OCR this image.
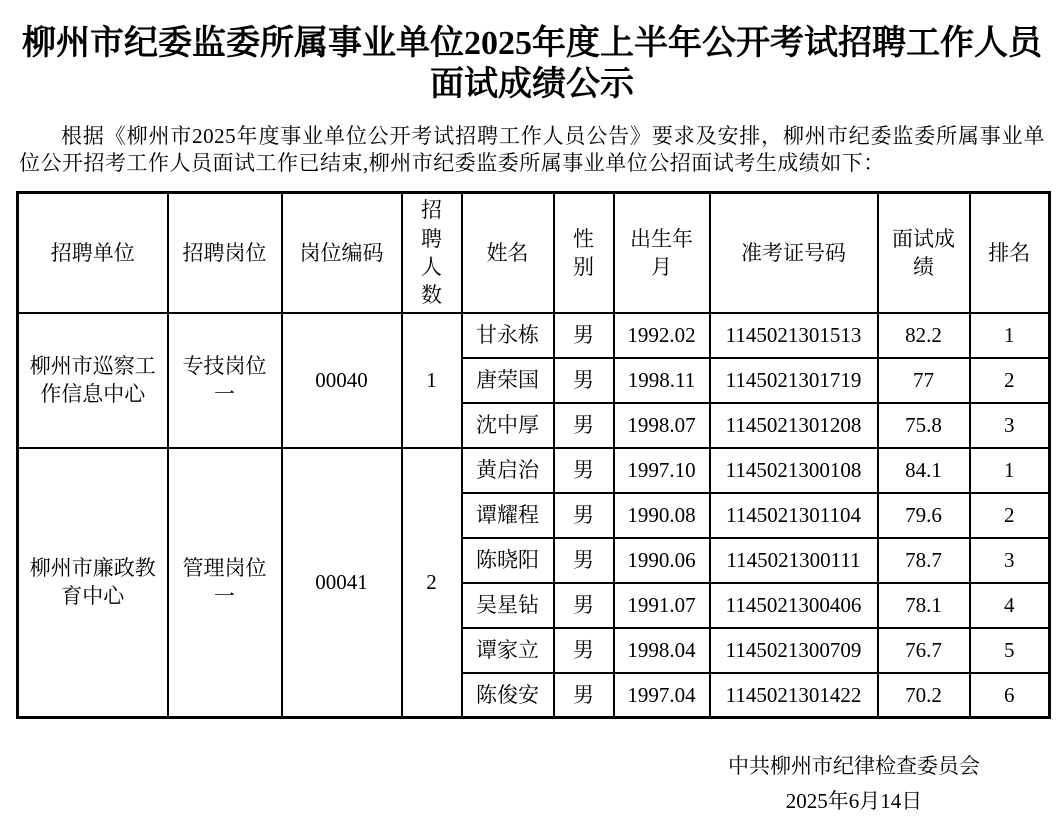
柳州市纪委监委所属事业单位2025年度上半年公开考试招聘工作人员
面试成绩公示

根据《柳州市2025年度事业单位公开考试招聘工作人员公告》要求及安排，柳州市纪委监委所属事业单位公开招考工作人员面试工作已结束,柳州市纪委监委所属事业单位公招面试考生成绩如下：

招聘单位	招聘岗位	岗位编码	招聘人数	姓名	性别	出生年月	准考证号码	面试成绩	排名
柳州市巡察工作信息中心	专技岗位一	00040	1	甘永栋	男	1992.02	1145021301513	82.2	1
				唐荣国	男	1998.11	1145021301719	77	2
				沈中厚	男	1998.07	1145021301208	75.8	3
柳州市廉政教育中心	管理岗位一	00041	2	黄启治	男	1997.10	1145021300108	84.1	1
				谭耀程	男	1990.08	1145021301104	79.6	2
				陈晓阳	男	1990.06	1145021300111	78.7	3
				吴星钻	男	1991.07	1145021300406	78.1	4
				谭家立	男	1998.04	1145021300709	76.7	5
				陈俊安	男	1997.04	1145021301422	70.2	6
中共柳州市纪律检查委员会
2025年6月14日
